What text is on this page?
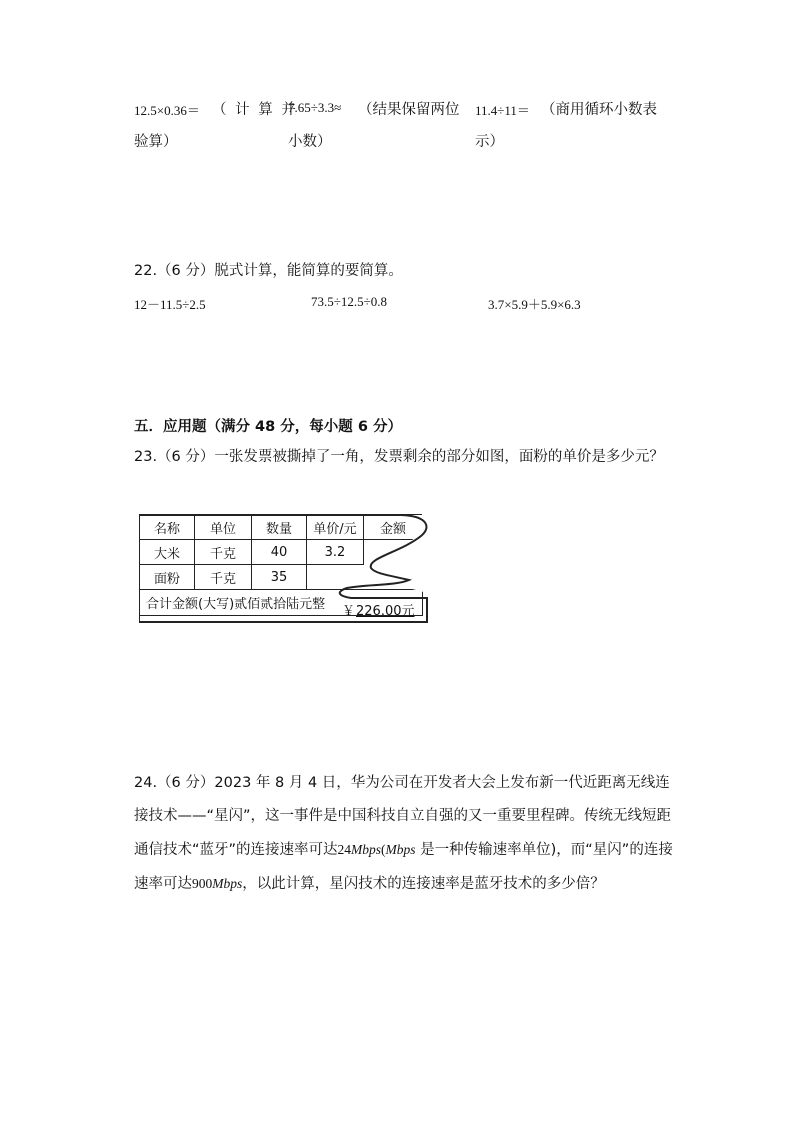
12.5×0.36＝ （ 计 算 并
验算）
7.65÷3.3≈ （结果保留两位
小数）
11.4÷11＝ （商用循环小数表
示）
22.（6 分）脱式计算，能简算的要简算。
12－11.5÷2.5	73.5÷12.5÷0.8	3.7×5.9＋5.9×6.3
五．应用题（满分 48 分，每小题 6 分）
23.（6 分）一张发票被撕掉了一角，发票剩余的部分如图，面粉的单价是多少元？
名称	单位	数量	单价/元	金额
大米	千克	40	3.2	
面粉	千克	35		
合计金额(大写)贰佰贰拾陆元整				￥ 226.00元
24.（6 分）2023 年 8 月 4 日，华为公司在开发者大会上发布新一代近距离无线连接技术——“星闪”，这一事件是中国科技自立自强的又一重要里程碑。传统无线短距通信技术“蓝牙”的连接速率可达24Mbps(Mbps 是一种传输速率单位)，而“星闪”的连接速率可达900Mbps，以此计算，星闪技术的连接速率是蓝牙技术的多少倍？
